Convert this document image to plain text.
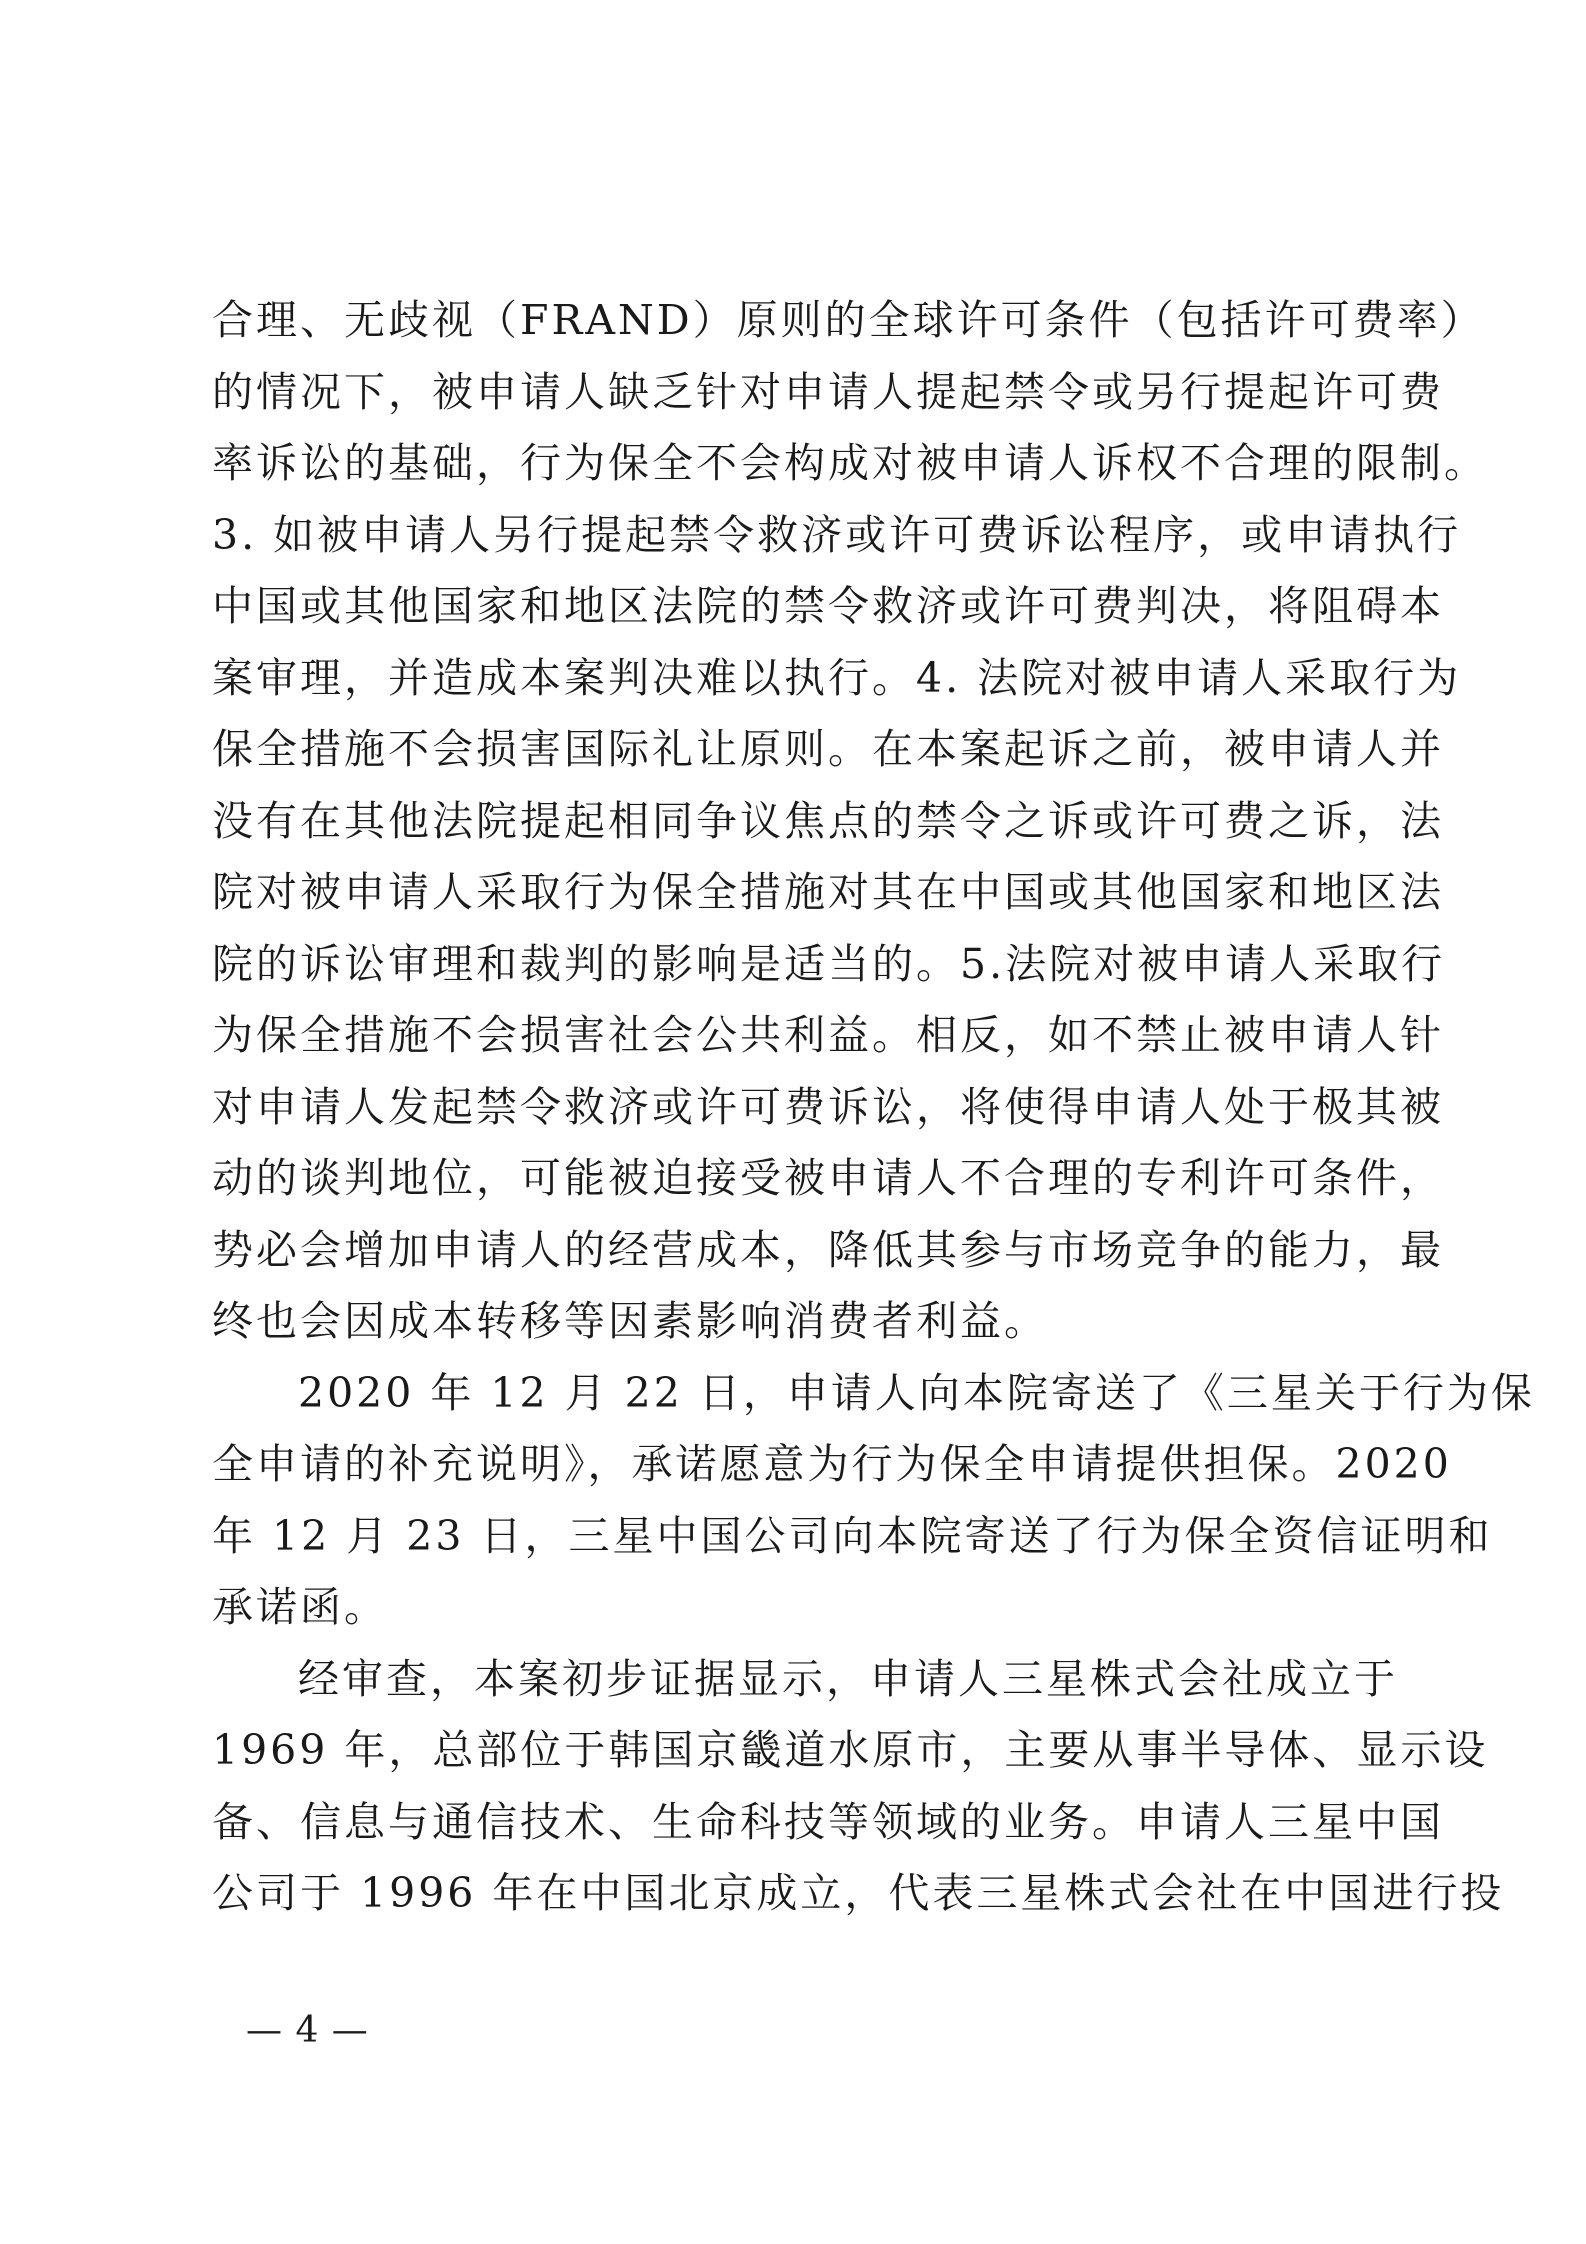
合理、无歧视（FRAND）原则的全球许可条件（包括许可费率）
的情况下，被申请人缺乏针对申请人提起禁令或另行提起许可费
率诉讼的基础，行为保全不会构成对被申请人诉权不合理的限制。
3. 如被申请人另行提起禁令救济或许可费诉讼程序，或申请执行
中国或其他国家和地区法院的禁令救济或许可费判决，将阻碍本
案审理，并造成本案判决难以执行。4. 法院对被申请人采取行为
保全措施不会损害国际礼让原则。在本案起诉之前，被申请人并
没有在其他法院提起相同争议焦点的禁令之诉或许可费之诉，法
院对被申请人采取行为保全措施对其在中国或其他国家和地区法
院的诉讼审理和裁判的影响是适当的。5.法院对被申请人采取行
为保全措施不会损害社会公共利益。相反，如不禁止被申请人针
对申请人发起禁令救济或许可费诉讼，将使得申请人处于极其被
动的谈判地位，可能被迫接受被申请人不合理的专利许可条件，
势必会增加申请人的经营成本，降低其参与市场竞争的能力，最
终也会因成本转移等因素影响消费者利益。
2020 年 12 月 22 日，申请人向本院寄送了《三星关于行为保
全申请的补充说明》，承诺愿意为行为保全申请提供担保。2020
年 12 月 23 日，三星中国公司向本院寄送了行为保全资信证明和
承诺函。
经审查，本案初步证据显示，申请人三星株式会社成立于
1969 年，总部位于韩国京畿道水原市，主要从事半导体、显示设
备、信息与通信技术、生命科技等领域的业务。申请人三星中国
公司于 1996 年在中国北京成立，代表三星株式会社在中国进行投
— 4 —
